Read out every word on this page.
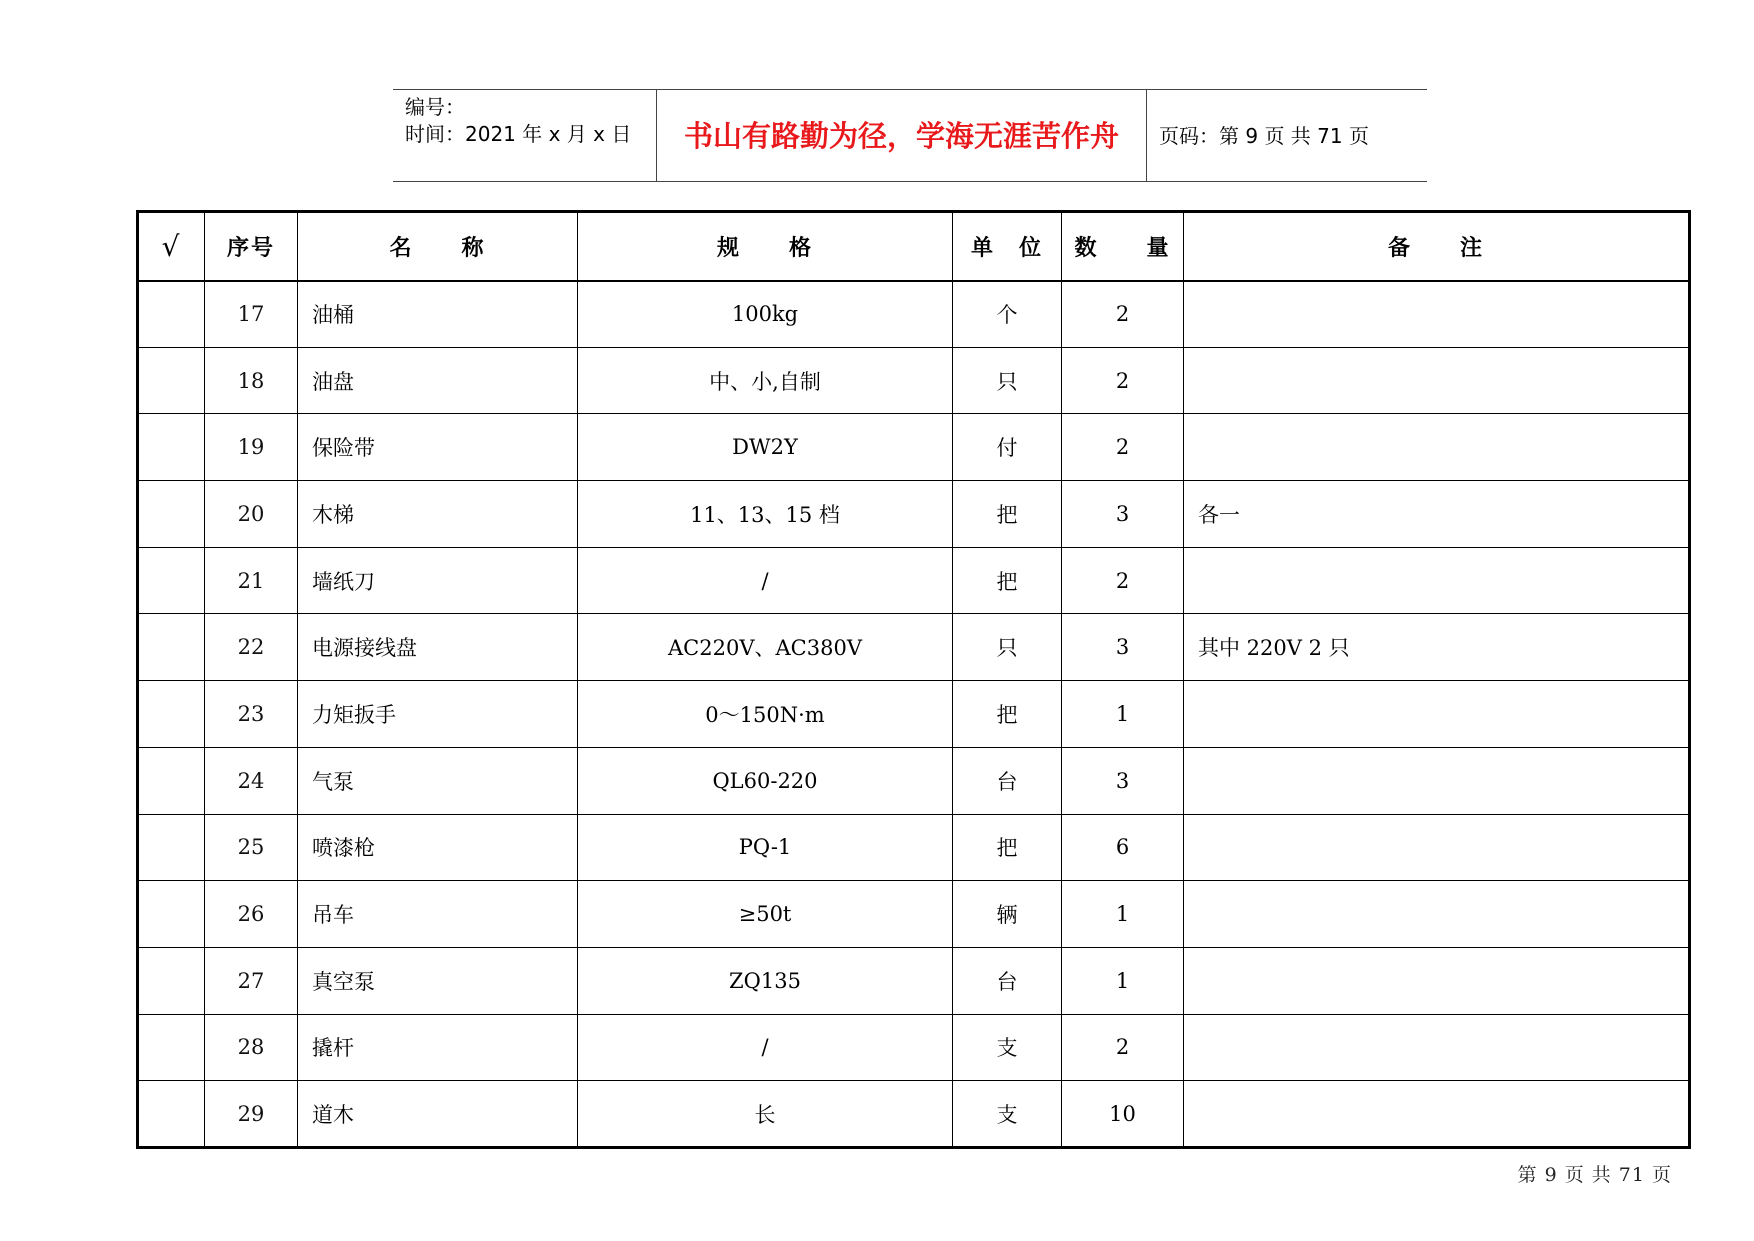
编号：
时间：2021 年 x 月 x 日	书山有路勤为径，学海无涯苦作舟	页码：第 9 页 共 71 页
√	序号	名　　称	规　　格	单　位	数　　量	备　　注
	17	油桶	100kg	个	2	
	18	油盘	中、小,自制	只	2	
	19	保险带	DW2Y	付	2	
	20	木梯	11、13、15 档	把	3	各一
	21	墙纸刀	/	把	2	
	22	电源接线盘	AC220V、AC380V	只	3	其中 220V 2 只
	23	力矩扳手	0～150N·m	把	1	
	24	气泵	QL60-220	台	3	
	25	喷漆枪	PQ-1	把	6	
	26	吊车	≥50t	辆	1	
	27	真空泵	ZQ135	台	1	
	28	撬杆	/	支	2	
	29	道木	长	支	10	
第 9 页 共 71 页
